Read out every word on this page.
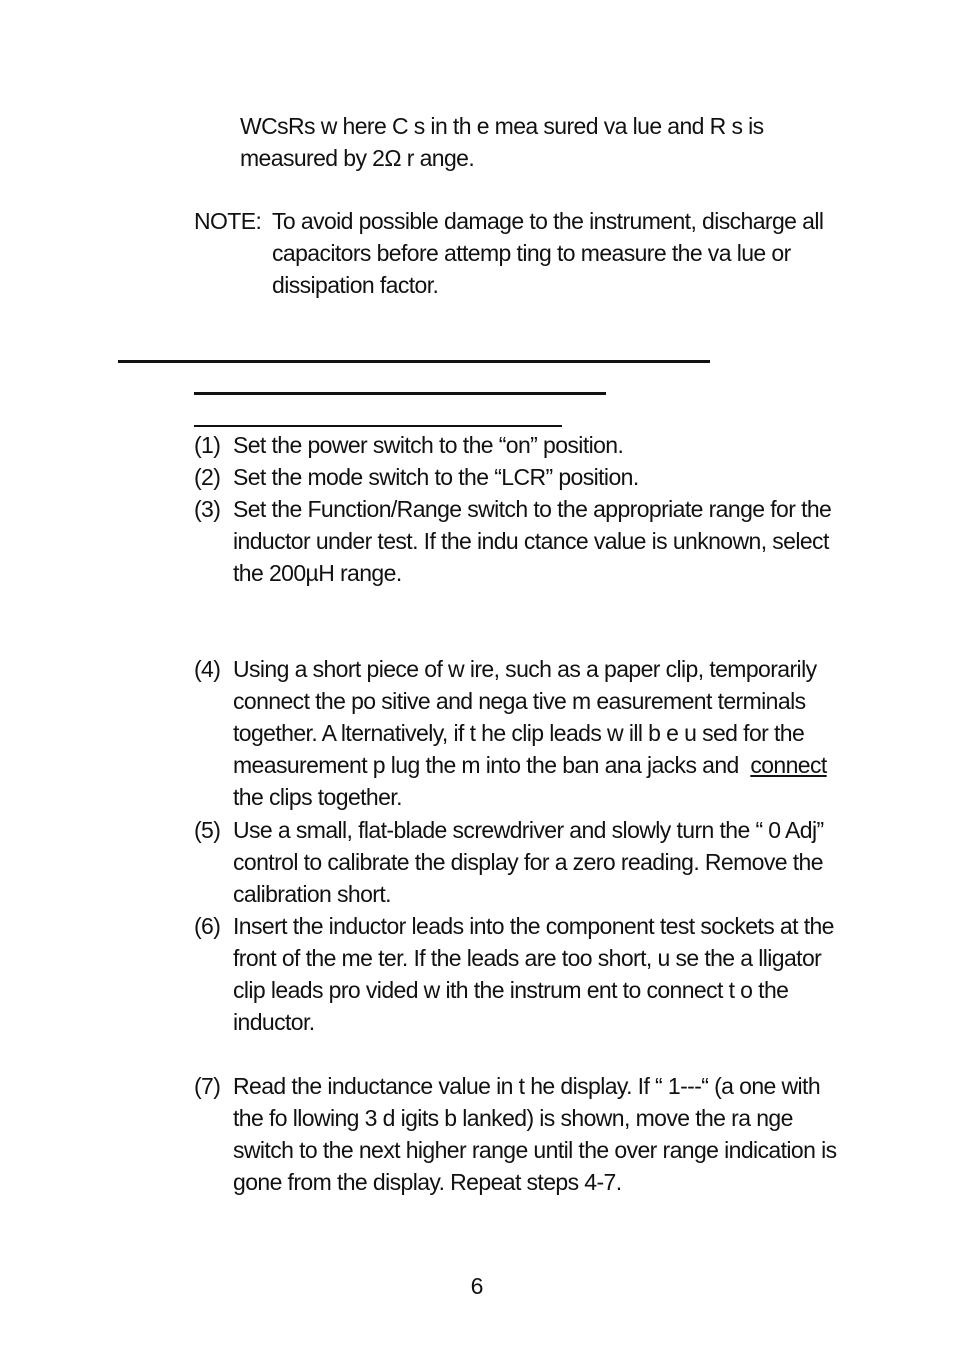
WCsRs w here C s in th e mea sured va lue and R s is
measured by 2Ω r ange.
NOTE: To avoid possible damage to the instrument, discharge all
capacitors before attemp ting to measure the va lue or
dissipation factor.
(1) Set the power switch to the “on” position.
(2) Set the mode switch to the “LCR” position.
(3) Set the Function/Range switch to the appropriate range for the
inductor under test. If the indu ctance value is unknown, select
the 200µH range.
(4) Using a short piece of w ire, such as a paper clip, temporarily
connect the po sitive and nega tive m easurement terminals
together. A lternatively, if t he clip leads w ill b e u sed for the
measurement p lug the m into the ban ana jacks and connect
the clips together.
(5) Use a small, flat-blade screwdriver and slowly turn the “ 0 Adj”
control to calibrate the display for a zero reading. Remove the
calibration short.
(6) Insert the inductor leads into the component test sockets at the
front of the me ter. If the leads are too short, u se the a lligator
clip leads pro vided w ith the instrum ent to connect t o the
inductor.
(7) Read the inductance value in t he display. If “ 1---“ (a one with
the fo llowing 3 d igits b lanked) is shown, move the ra nge
switch to the next higher range until the over range indication is
gone from the display. Repeat steps 4-7.
6
